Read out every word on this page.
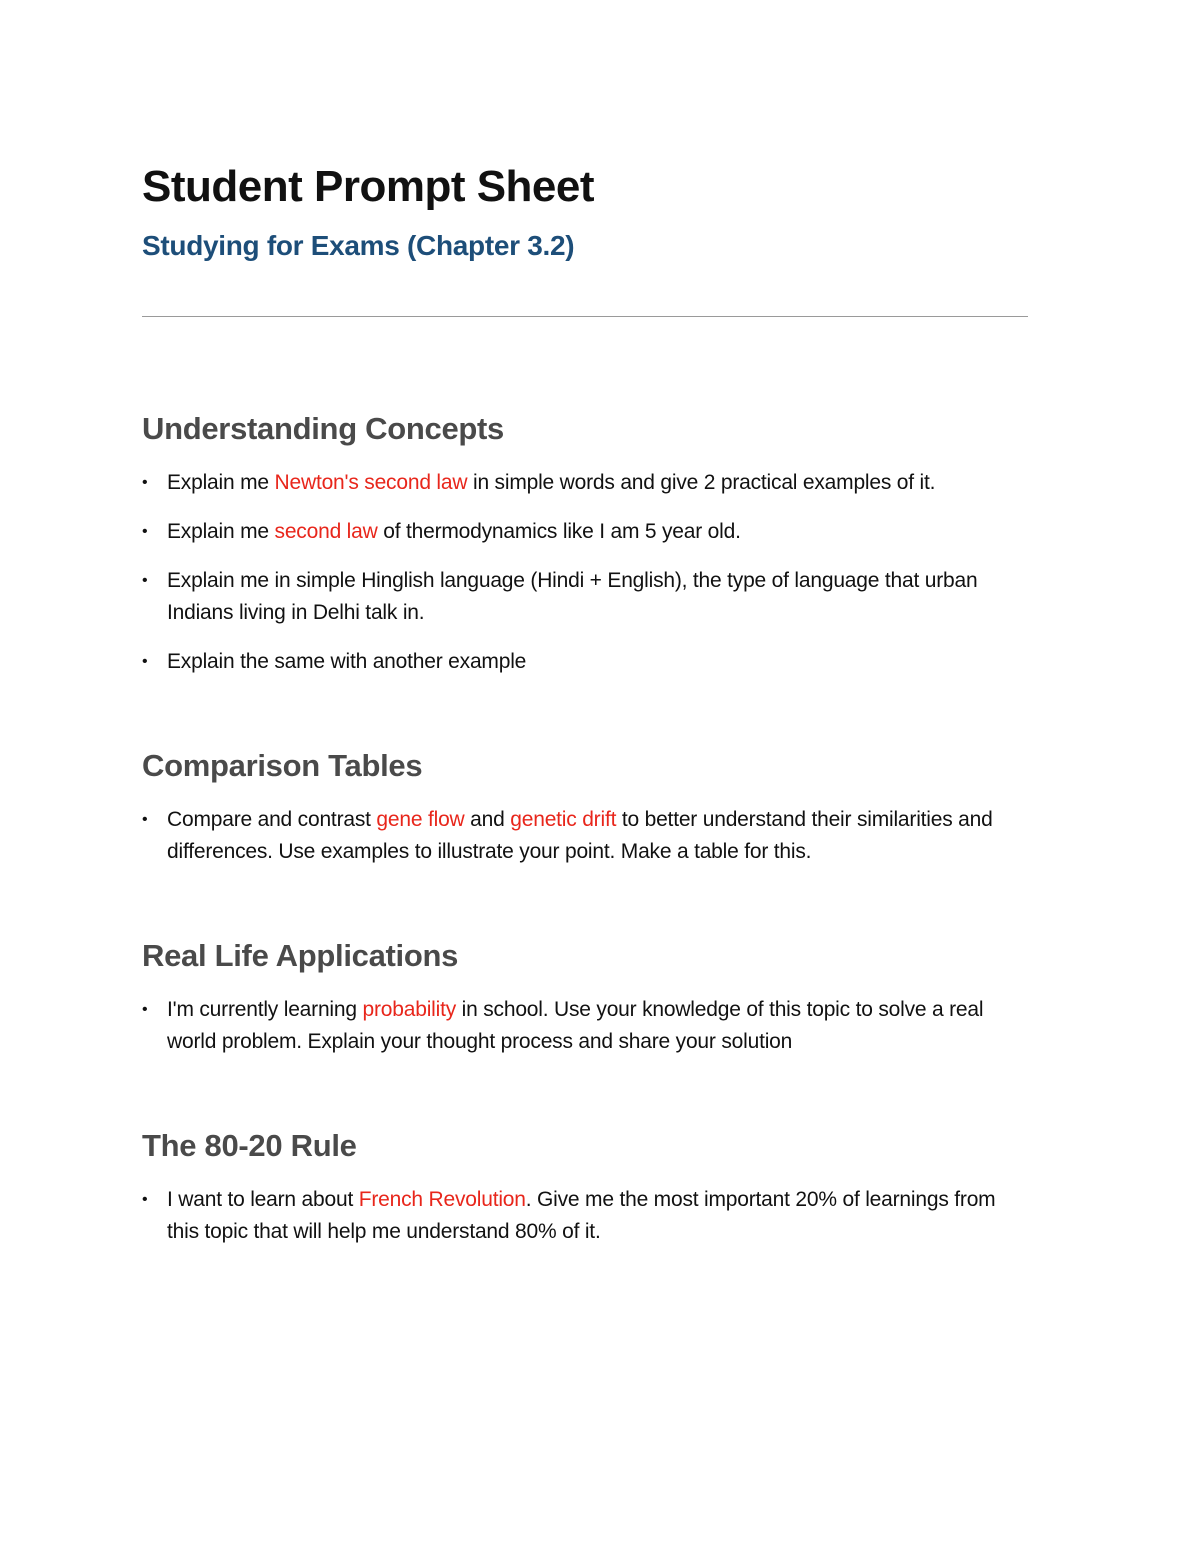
Student Prompt Sheet
Studying for Exams (Chapter 3.2)
Understanding Concepts
• Explain me Newton's second law in simple words and give 2 practical examples of it.
• Explain me second law of thermodynamics like I am 5 year old.
• Explain me in simple Hinglish language (Hindi + English), the type of language that urban Indians living in Delhi talk in.
• Explain the same with another example
Comparison Tables
• Compare and contrast gene flow and genetic drift to better understand their similarities and differences. Use examples to illustrate your point. Make a table for this.
Real Life Applications
• I'm currently learning probability in school. Use your knowledge of this topic to solve a real world problem. Explain your thought process and share your solution
The 80-20 Rule
• I want to learn about French Revolution. Give me the most important 20% of learnings from this topic that will help me understand 80% of it.
